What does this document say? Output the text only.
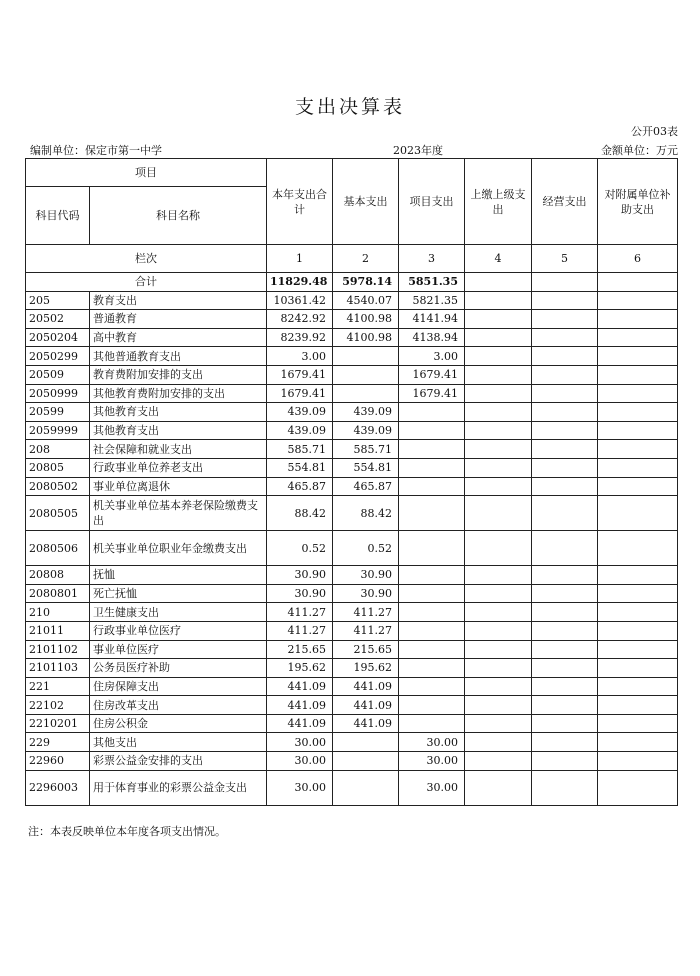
支出决算表
公开03表
编制单位：保定市第一中学	2023年度	金额单位：万元
项目		本年支出合计	基本支出	项目支出	上缴上级支出	经营支出	对附属单位补助支出
科目代码	科目名称						
栏次		1	2	3	4	5	6
合计		11829.48	5978.14	5851.35			
205	教育支出	10361.42	4540.07	5821.35			
20502	普通教育	8242.92	4100.98	4141.94			
2050204	高中教育	8239.92	4100.98	4138.94			
2050299	其他普通教育支出	3.00		3.00			
20509	教育费附加安排的支出	1679.41		1679.41			
2050999	其他教育费附加安排的支出	1679.41		1679.41			
20599	其他教育支出	439.09	439.09				
2059999	其他教育支出	439.09	439.09				
208	社会保障和就业支出	585.71	585.71				
20805	行政事业单位养老支出	554.81	554.81				
2080502	事业单位离退休	465.87	465.87				
2080505	机关事业单位基本养老保险缴费支出	88.42	88.42				
2080506	机关事业单位职业年金缴费支出	0.52	0.52				
20808	抚恤	30.90	30.90				
2080801	死亡抚恤	30.90	30.90				
210	卫生健康支出	411.27	411.27				
21011	行政事业单位医疗	411.27	411.27				
2101102	事业单位医疗	215.65	215.65				
2101103	公务员医疗补助	195.62	195.62				
221	住房保障支出	441.09	441.09				
22102	住房改革支出	441.09	441.09				
2210201	住房公积金	441.09	441.09				
229	其他支出	30.00		30.00			
22960	彩票公益金安排的支出	30.00		30.00			
2296003	用于体育事业的彩票公益金支出	30.00		30.00			
注：本表反映单位本年度各项支出情况。
